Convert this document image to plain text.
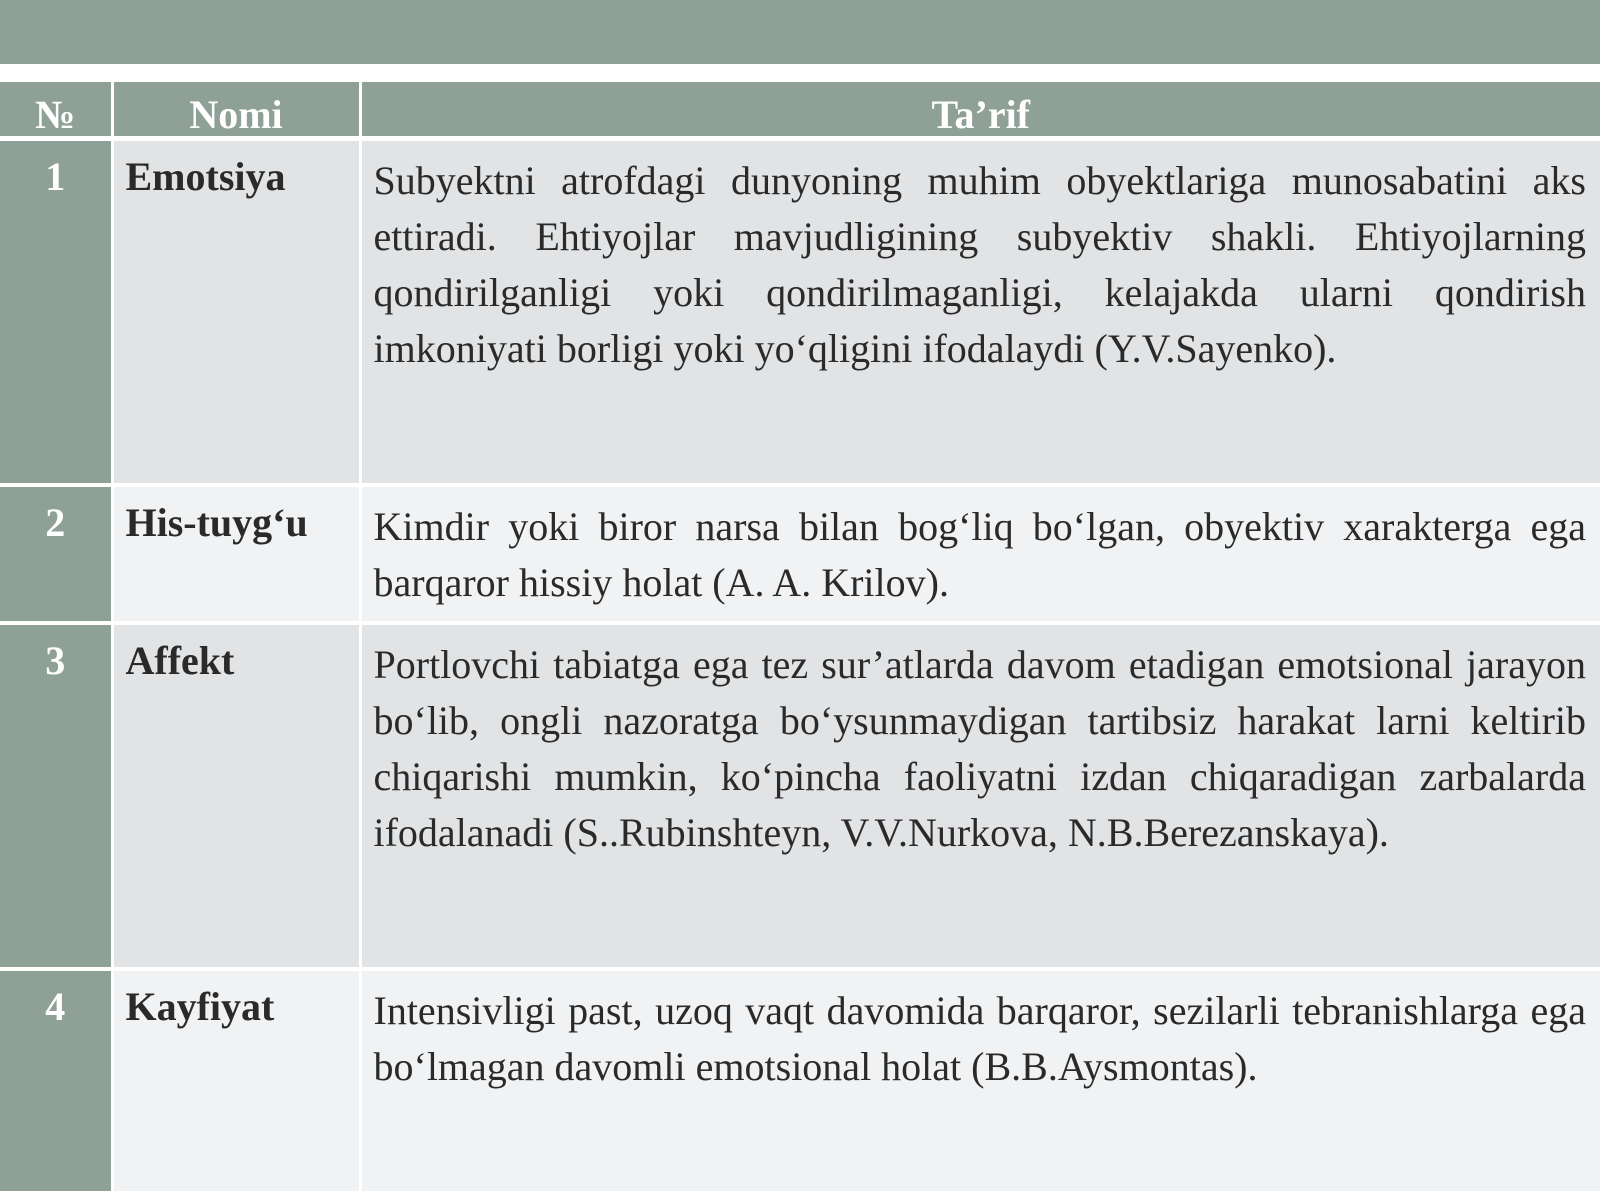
№	Nomi	Ta’rif
1	Emotsiya	Subyektni atrofdagi dunyoning muhim obyektlariga munosabatini aks ettiradi. Ehtiyojlar mavjudligining subyektiv shakli. Ehtiyojlarning qondirilganligi yoki qondirilmaganligi, kelajakda ularni qondirish imkoniyati borligi yoki yo‘qligini ifodalaydi (Y.V.Sayenko).
2	His-tuyg‘u	Kimdir yoki biror narsa bilan bog‘liq bo‘lgan, obyektiv xarakterga ega barqaror hissiy holat (A. A. Krilov).
3	Affekt	Portlovchi tabiatga ega tez sur’atlarda davom etadigan emotsional jarayon bo‘lib, ongli nazoratga bo‘ysunmaydigan tartibsiz harakat larni keltirib chiqarishi mumkin, ko‘pincha faoliyatni izdan chiqaradigan zarbalarda ifodalanadi (S..Rubinshteyn, V.V.Nurkova, N.B.Berezanskaya).
4	Kayfiyat	Intensivligi past, uzoq vaqt davomida barqaror, sezilarli tebranishlarga ega bo‘lmagan davomli emotsional holat (B.B.Aysmontas).
